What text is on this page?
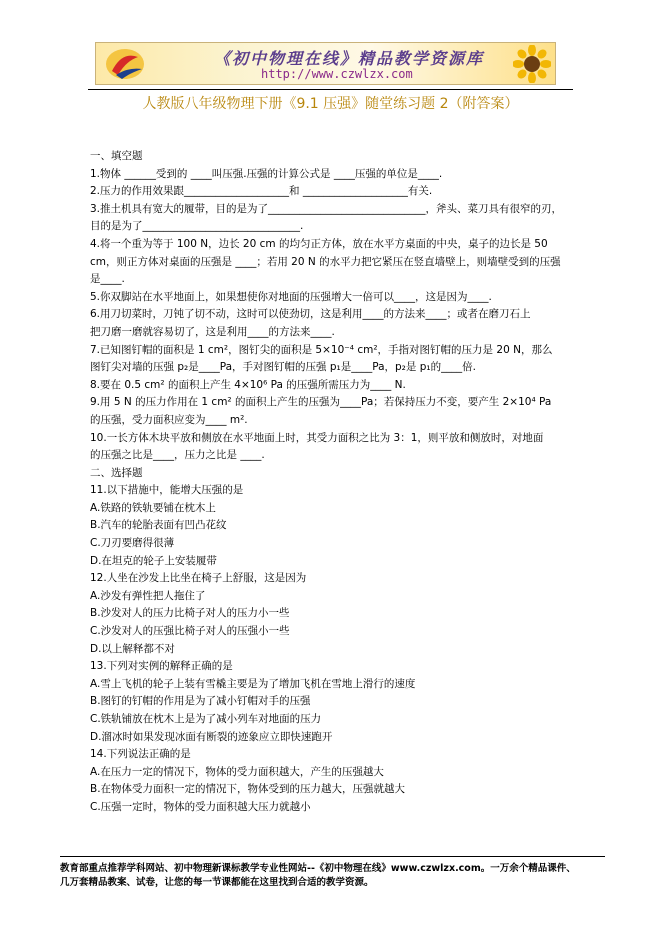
《初中物理在线》精品教学资源库
http://www.czwlzx.com
人教版八年级物理下册《9.1 压强》随堂练习题 2（附答案）
一、填空题
1.物体 ______受到的 ____叫压强.压强的计算公式是 ____压强的单位是____.
2.压力的作用效果跟____________________和 ____________________有关.
3.推土机具有宽大的履带，目的是为了______________________________，斧头、菜刀具有很窄的刃，
目的是为了______________________________.
4.将一个重为等于 100 N，边长 20 cm 的均匀正方体，放在水平方桌面的中央，桌子的边长是 50
cm，则正方体对桌面的压强是 ____；若用 20 N 的水平力把它紧压在竖直墙壁上，则墙壁受到的压强
是____.
5.你双脚站在水平地面上，如果想使你对地面的压强增大一倍可以____，这是因为____.
6.用刀切菜时，刀钝了切不动，这时可以使劲切，这是利用____的方法来____；或者在磨刀石上
把刀磨一磨就容易切了，这是利用____的方法来____.
7.已知图钉帽的面积是 1 cm²，图钉尖的面积是 5×10⁻⁴ cm²，手指对图钉帽的压力是 20 N，那么
图钉尖对墙的压强 p₂是____Pa，手对图钉帽的压强 p₁是____Pa，p₂是 p₁的____倍.
8.要在 0.5 cm² 的面积上产生 4×10⁶ Pa 的压强所需压力为____ N.
9.用 5 N 的压力作用在 1 cm² 的面积上产生的压强为____Pa；若保持压力不变，要产生 2×10⁴ Pa
的压强，受力面积应变为____ m².
10.一长方体木块平放和侧放在水平地面上时，其受力面积之比为 3：1，则平放和侧放时，对地面
的压强之比是____，压力之比是 ____.
二、选择题
11.以下措施中，能增大压强的是
A.铁路的铁轨要铺在枕木上
B.汽车的轮胎表面有凹凸花纹
C.刀刃要磨得很薄
D.在坦克的轮子上安装履带
12.人坐在沙发上比坐在椅子上舒服，这是因为
A.沙发有弹性把人拖住了
B.沙发对人的压力比椅子对人的压力小一些
C.沙发对人的压强比椅子对人的压强小一些
D.以上解释都不对
13.下列对实例的解释正确的是
A.雪上飞机的轮子上装有雪橇主要是为了增加飞机在雪地上滑行的速度
B.图钉的钉帽的作用是为了减小钉帽对手的压强
C.铁轨铺放在枕木上是为了减小列车对地面的压力
D.溜冰时如果发现冰面有断裂的迹象应立即快速跑开
14.下列说法正确的是
A.在压力一定的情况下，物体的受力面积越大，产生的压强越大
B.在物体受力面积一定的情况下，物体受到的压力越大，压强就越大
C.压强一定时，物体的受力面积越大压力就越小
教育部重点推荐学科网站、初中物理新课标教学专业性网站--《初中物理在线》www.czwlzx.com。一万余个精品课件、
几万套精品教案、试卷，让您的每一节课都能在这里找到合适的教学资源。
